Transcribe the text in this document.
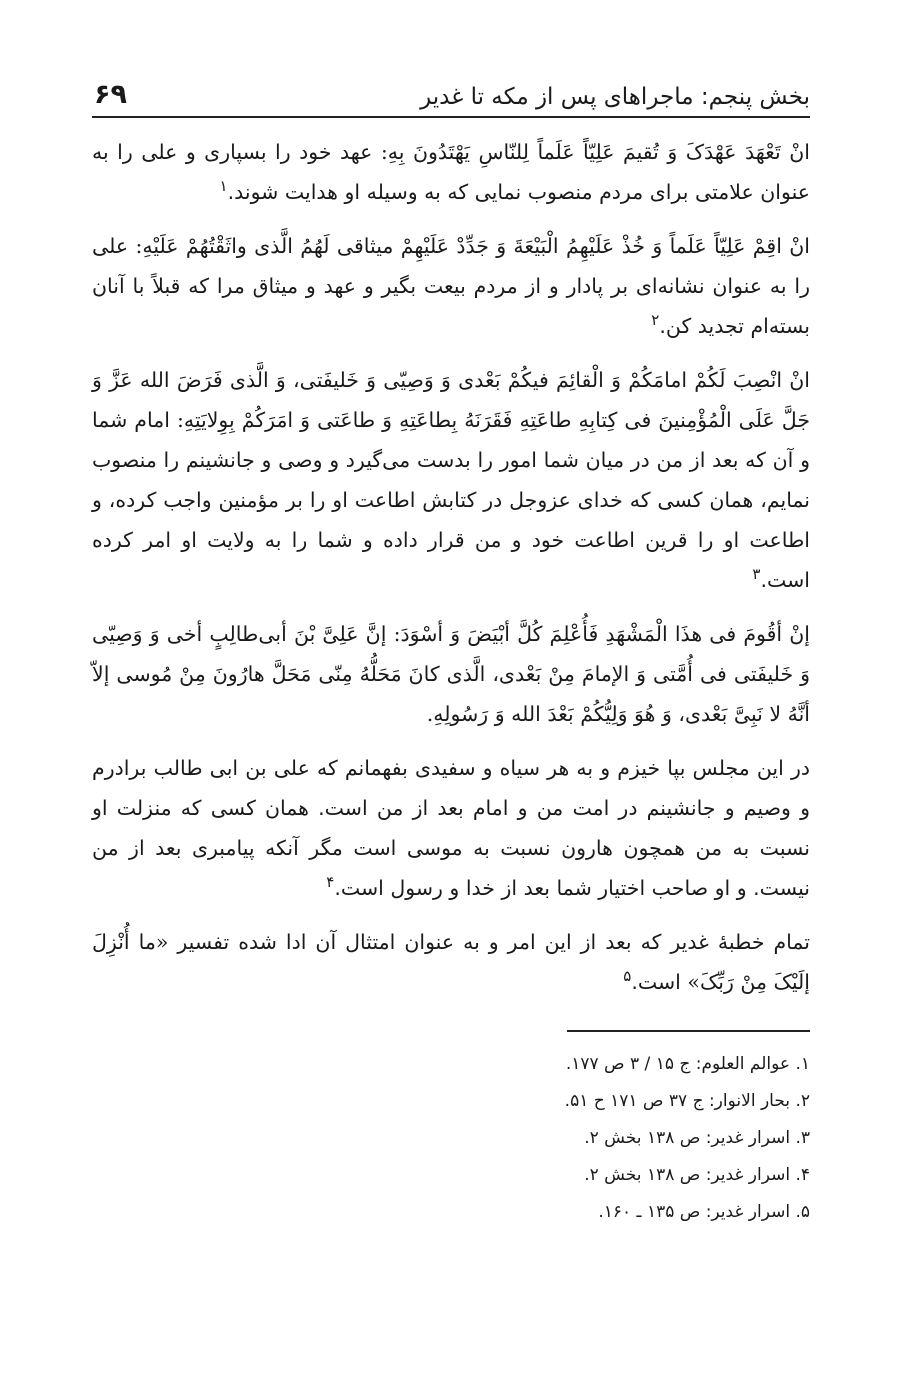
بخش پنجم: ماجراهای پس از مکه تا غدیر
۶۹

انْ تَعْهَدَ عَهْدَکَ وَ تُقیمَ عَلِیّاً عَلَماً لِلنّاسِ یَهْتَدُونَ بِهِ: عهد خود را بسپاری و علی را به عنوان علامتی برای مردم منصوب نمایی که به وسیله او هدایت شوند.$^۱$

انْ اقِمْ عَلِیّاً عَلَماً وَ خُذْ عَلَیْهِمُ الْبَیْعَةَ وَ جَدِّدْ عَلَیْهِمْ میثاقی لَهُمُ الَّذی واثَقْتُهُمْ عَلَیْهِ: علی را به عنوان نشانه‌ای بر پادار و از مردم بیعت بگیر و عهد و میثاق مرا که قبلاً با آنان بسته‌ام تجدید کن.$^۲$

انْ انْصِبَ لَکُمْ امامَکُمْ وَ الْقائِمَ فیکُمْ بَعْدی وَ وَصِیّی وَ خَلیفَتی، وَ الَّذی فَرَضَ الله عَزَّ وَ جَلَّ عَلَی الْمُؤْمِنینَ فی کِتابِهِ طاعَتِهِ فَقَرَنَهُ بِطاعَتِهِ وَ طاعَتی وَ امَرَکُمْ بِوِلایَتِهِ: امام شما و آن که بعد از من در میان شما امور را بدست می‌گیرد و وصی و جانشینم را منصوب نمایم، همان کسی که خدای عزوجل در کتابش اطاعت او را بر مؤمنین واجب کرده، و اطاعت او را قرین اطاعت خود و من قرار داده و شما را به ولایت او امر کرده است.$^۳$

إنْ أقُومَ فی هذَا الْمَشْهَدِ فَأُعْلِمَ کُلَّ أبْیَضَ وَ أسْوَدَ: إنَّ عَلِیَّ بْنَ أبی‌طالِبٍ أخی وَ وَصِیّی وَ خَلیفَتی فی أُمَّتی وَ الإمامَ مِنْ بَعْدی، الَّذی کانَ مَحَلُّهُ مِنّی مَحَلَّ هارُونَ مِنْ مُوسی إلاّ أنَّهُ لا نَبِیَّ بَعْدی، وَ هُوَ وَلِیُّکُمْ بَعْدَ الله وَ رَسُولِهِ.

در این مجلس بپا خیزم و به هر سیاه و سفیدی بفهمانم که علی بن ابی طالب برادرم و وصیم و جانشینم در امت من و امام بعد از من است. همان کسی که منزلت او نسبت به من همچون هارون نسبت به موسی است مگر آنکه پیامبری بعد از من نیست. و او صاحب اختیار شما بعد از خدا و رسول است.$^۴$

تمام خطبهٔ غدیر که بعد از این امر و به عنوان امتثال آن ادا شده تفسیر «ما أُنْزِلَ إلَیْکَ مِنْ رَبِّکَ» است.$^۵$

۱. عوالم العلوم: ج ۱۵ / ۳ ص ۱۷۷.
۲. بحار الانوار: ج ۳۷ ص ۱۷۱ ح ۵۱.
۳. اسرار غدیر: ص ۱۳۸ بخش ۲.
۴. اسرار غدیر: ص ۱۳۸ بخش ۲.
۵. اسرار غدیر: ص ۱۳۵ ـ ۱۶۰.
